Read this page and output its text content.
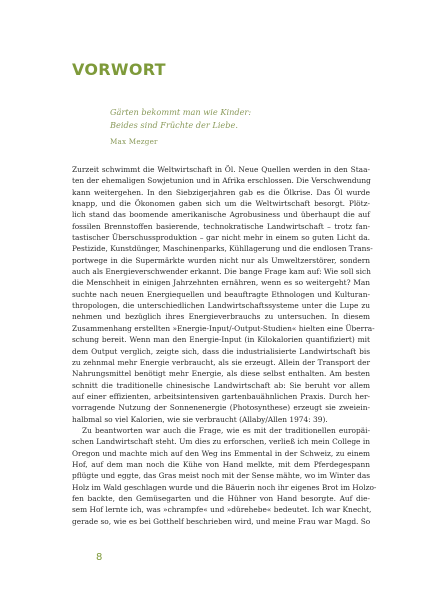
VORWORT
Gärten bekommt man wie Kinder:
Beides sind Früchte der Liebe.
Max Mezger
Zurzeit schwimmt die Weltwirtschaft in Öl. Neue Quellen werden in den Staa-
ten der ehemaligen Sowjetunion und in Afrika erschlossen. Die Verschwendung
kann weitergehen. In den Siebzigerjahren gab es die Ölkrise. Das Öl wurde
knapp, und die Ökonomen gaben sich um die Weltwirtschaft besorgt. Plötz-
lich stand das boomende amerikanische Agrobusiness und überhaupt die auf
fossilen Brennstoffen basierende, technokratische Landwirtschaft – trotz fan-
tastischer Überschussproduktion – gar nicht mehr in einem so guten Licht da.
Pestizide, Kunstdünger, Maschinenparks, Kühllagerung und die endlosen Trans-
portwege in die Supermärkte wurden nicht nur als Umweltzerstörer, sondern
auch als Energieverschwender erkannt. Die bange Frage kam auf: Wie soll sich
die Menschheit in einigen Jahrzehnten ernähren, wenn es so weitergeht? Man
suchte nach neuen Energiequellen und beauftragte Ethnologen und Kulturan-
thropologen, die unterschiedlichen Landwirtschaftssysteme unter die Lupe zu
nehmen und bezüglich ihres Energieverbrauchs zu untersuchen. In diesem
Zusammenhang erstellten »Energie-Input/-Output-Studien« hielten eine Überra-
schung bereit. Wenn man den Energie-Input (in Kilokalorien quantifiziert) mit
dem Output verglich, zeigte sich, dass die industrialisierte Landwirtschaft bis
zu zehnmal mehr Energie verbraucht, als sie erzeugt. Allein der Transport der
Nahrungsmittel benötigt mehr Energie, als diese selbst enthalten. Am besten
schnitt die traditionelle chinesische Landwirtschaft ab: Sie beruht vor allem
auf einer effizienten, arbeitsintensiven gartenbauähnlichen Praxis. Durch her-
vorragende Nutzung der Sonnenenergie (Photosynthese) erzeugt sie zweiein-
halbmal so viel Kalorien, wie sie verbraucht (Allaby/Allen 1974: 39).
Zu beantworten war auch die Frage, wie es mit der traditionellen europäi-
schen Landwirtschaft steht. Um dies zu erforschen, verließ ich mein College in
Oregon und machte mich auf den Weg ins Emmental in der Schweiz, zu einem
Hof, auf dem man noch die Kühe von Hand melkte, mit dem Pferdegespann
pflügte und eggte, das Gras meist noch mit der Sense mähte, wo im Winter das
Holz im Wald geschlagen wurde und die Bäuerin noch ihr eigenes Brot im Holzo-
fen backte, den Gemüsegarten und die Hühner von Hand besorgte. Auf die-
sem Hof lernte ich, was »chrampfe« und »dürehebe« bedeutet. Ich war Knecht,
gerade so, wie es bei Gotthelf beschrieben wird, und meine Frau war Magd. So
8
